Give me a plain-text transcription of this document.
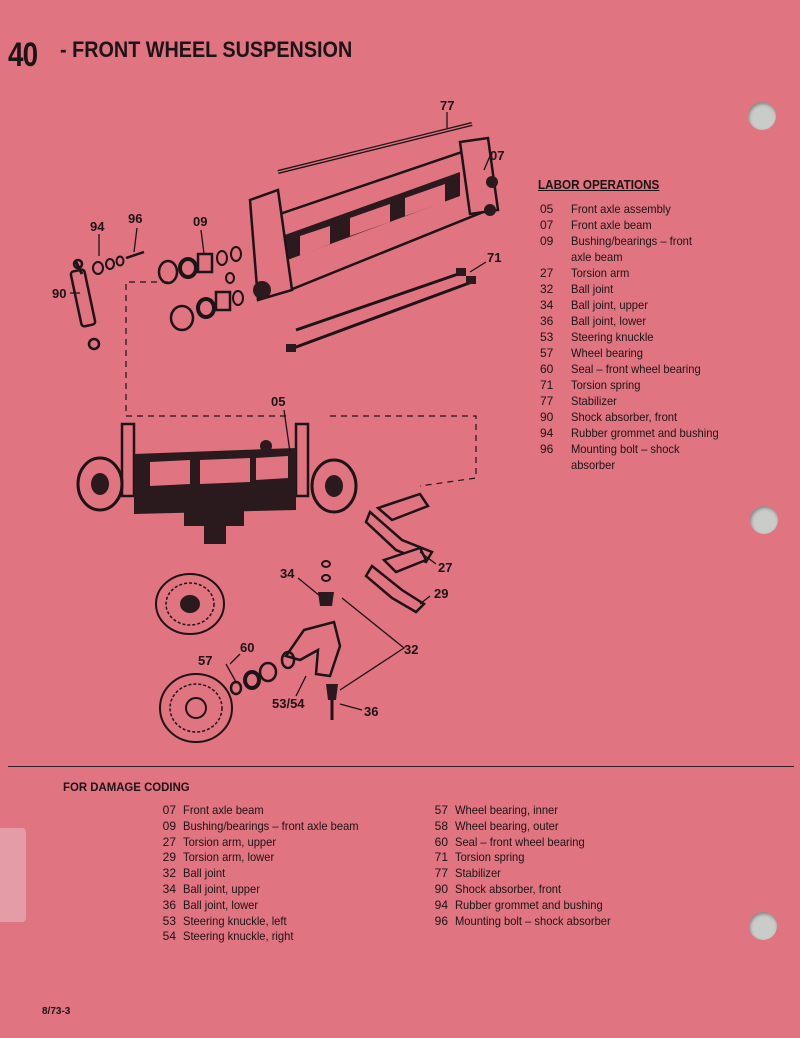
40 - FRONT WHEEL SUSPENSION
77
07
94
96	09
90
71
05
34	27
29
60	32
57
53/54
36
LABOR OPERATIONS
05	Front axle assembly
07	Front axle beam
09	Bushing/bearings – front axle beam
27	Torsion arm
32	Ball joint
34	Ball joint, upper
36	Ball joint, lower
53	Steering knuckle
57	Wheel bearing
60	Seal – front wheel bearing
71	Torsion spring
77	Stabilizer
90	Shock absorber, front
94	Rubber grommet and bushing
96	Mounting bolt – shock absorber
FOR DAMAGE CODING
07 Front axle beam
09 Bushing/bearings – front axle beam
27 Torsion arm, upper
29 Torsion arm, lower
32 Ball joint
34 Ball joint, upper
36 Ball joint, lower
53 Steering knuckle, left
54 Steering knuckle, right
57 Wheel bearing, inner
58 Wheel bearing, outer
60 Seal – front wheel bearing
71 Torsion spring
77 Stabilizer
90 Shock absorber, front
94 Rubber grommet and bushing
96 Mounting bolt – shock absorber
8/73-3
